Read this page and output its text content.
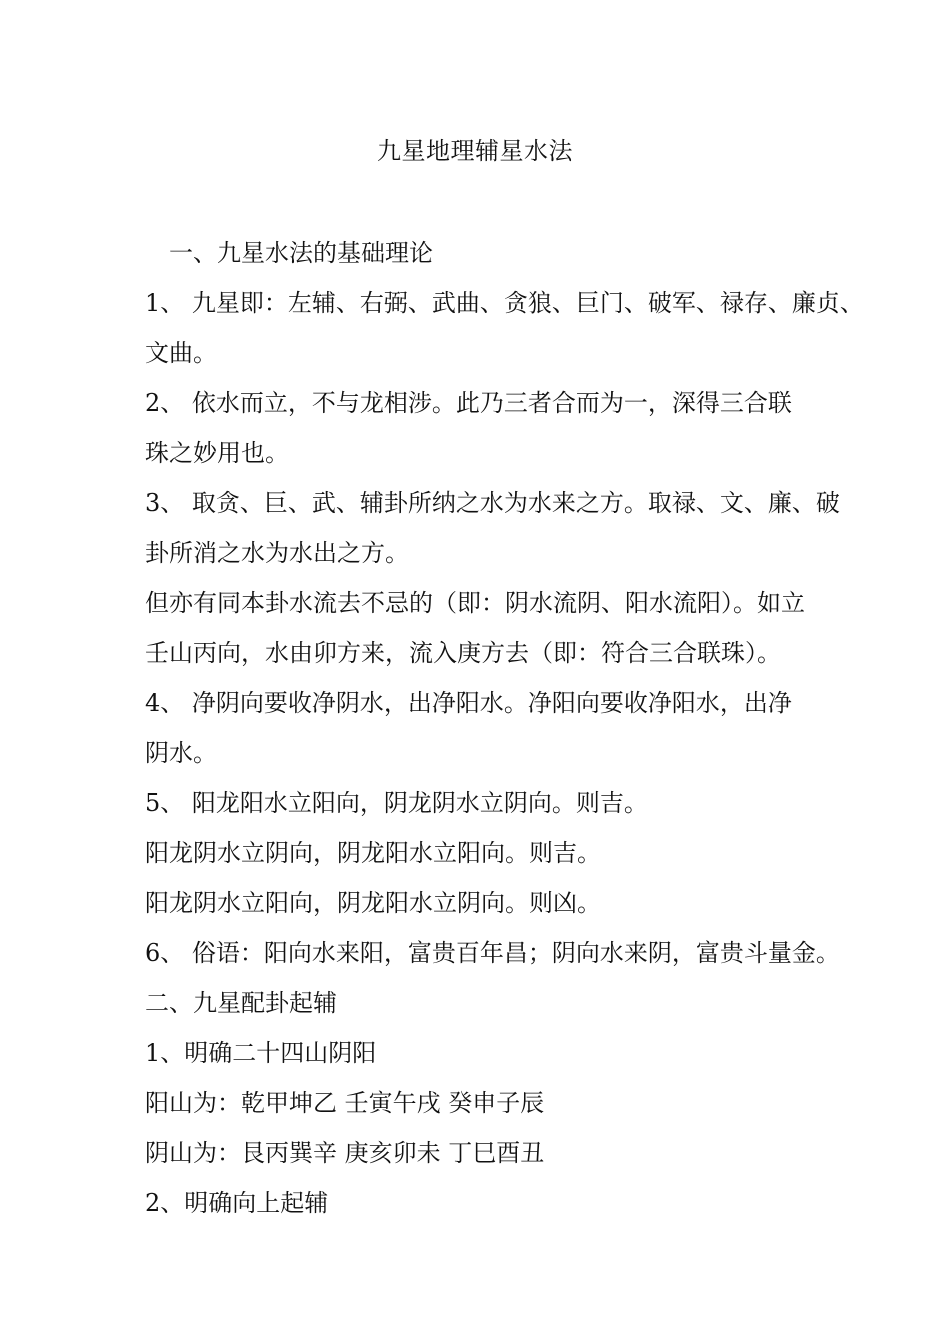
九星地理辅星水法
一、九星水法的基础理论
1、 九星即：左辅、右弼、武曲、贪狼、巨门、破军、禄存、廉贞、
文曲。
2、 依水而立，不与龙相涉。此乃三者合而为一，深得三合联
珠之妙用也。
3、 取贪、巨、武、辅卦所纳之水为水来之方。取禄、文、廉、破
卦所消之水为水出之方。
但亦有同本卦水流去不忌的（即：阴水流阴、阳水流阳）。如立
壬山丙向，水由卯方来，流入庚方去（即：符合三合联珠）。
4、 净阴向要收净阴水，出净阳水。净阳向要收净阳水，出净
阴水。
5、 阳龙阳水立阳向，阴龙阴水立阴向。则吉。
阳龙阴水立阴向，阴龙阳水立阳向。则吉。
阳龙阴水立阳向，阴龙阳水立阴向。则凶。
6、 俗语：阳向水来阳，富贵百年昌；阴向水来阴，富贵斗量金。
二、九星配卦起辅
1、明确二十四山阴阳
阳山为：乾甲坤乙 壬寅午戌 癸申子辰
阴山为：艮丙巽辛 庚亥卯未 丁巳酉丑
2、明确向上起辅
